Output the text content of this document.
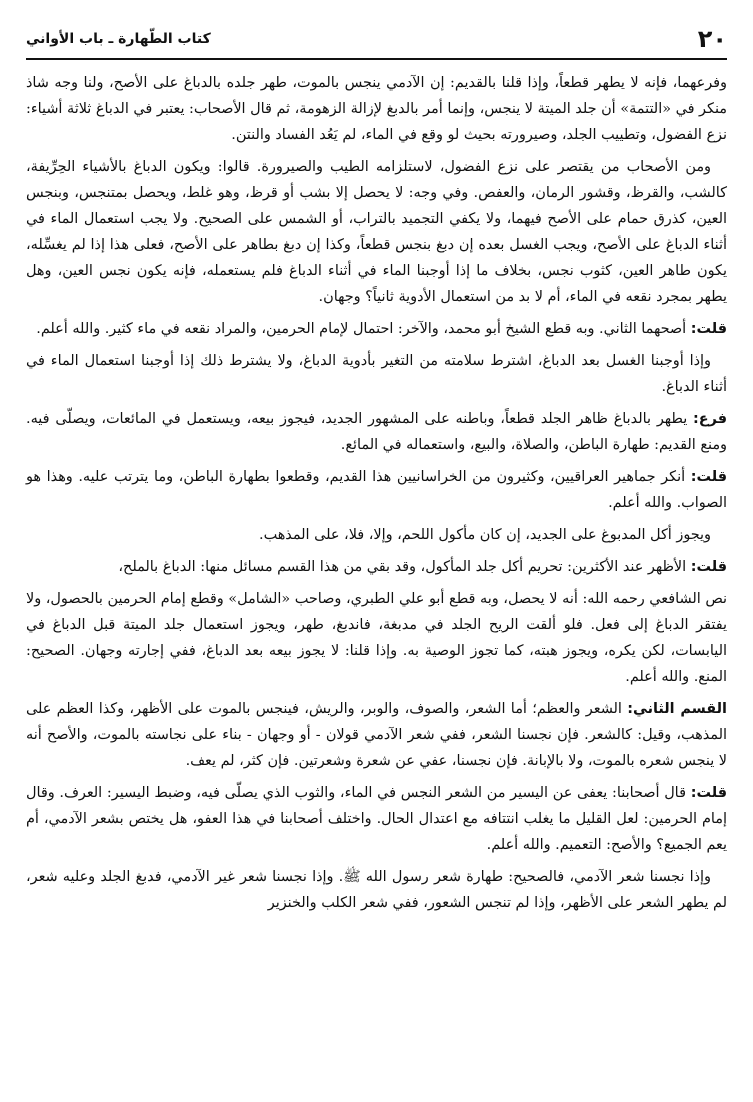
٢٠
كتاب الطّهارة ـ باب الأواني

وفرعهما، فإنه لا يطهر قطعاً، وإذا قلنا بالقديم: إن الآدمي ينجس بالموت، طهر جلده بالدباغ على الأصح، ولنا وجه شاذ منكر في «التتمة» أن جلد الميتة لا ينجس، وإنما أمر بالدبغ لإزالة الزهومة، ثم قال الأصحاب: يعتبر في الدباغ ثلاثة أشياء: نزع الفضول، وتطييب الجلد، وصيرورته بحيث لو وقع في الماء، لم يَعُد الفساد والنتن.

ومن الأصحاب من يقتصر على نزع الفضول، لاستلزامه الطيب والصيرورة. قالوا: ويكون الدباغ بالأشياء الحِرِّيفة، كالشب، والقرظ، وقشور الرمان، والعفص. وفي وجه: لا يحصل إلا بشب أو قرظ، وهو غلط، ويحصل بمتنجس، وبنجس العين، كذرق حمام على الأصح فيهما، ولا يكفي التجميد بالتراب، أو الشمس على الصحيح. ولا يجب استعمال الماء في أثناء الدباغ على الأصح، ويجب الغسل بعده إن دبغ بنجس قطعاً، وكذا إن دبغ بطاهر على الأصح، فعلى هذا إذا لم يغسِّله، يكون طاهر العين، كثوب نجس، بخلاف ما إذا أوجبنا الماء في أثناء الدباغ فلم يستعمله، فإنه يكون نجس العين، وهل يطهر بمجرد نقعه في الماء، أم لا بد من استعمال الأدوية ثانياً؟ وجهان.

قلت: أصحهما الثاني. وبه قطع الشيخ أبو محمد، والآخر: احتمال لإمام الحرمين، والمراد نقعه في ماء كثير. والله أعلم.

وإذا أوجبنا الغسل بعد الدباغ، اشترط سلامته من التغير بأدوية الدباغ، ولا يشترط ذلك إذا أوجبنا استعمال الماء في أثناء الدباغ.

فرع: يطهر بالدباغ ظاهر الجلد قطعاً، وباطنه على المشهور الجديد، فيجوز بيعه، ويستعمل في المائعات، ويصلّى فيه. ومنع القديم: طهارة الباطن، والصلاة، والبيع، واستعماله في المائع.

قلت: أنكر جماهير العراقيين، وكثيرون من الخراسانيين هذا القديم، وقطعوا بطهارة الباطن، وما يترتب عليه. وهذا هو الصواب. والله أعلم.

ويجوز أكل المدبوغ على الجديد، إن كان مأكول اللحم، وإلا، فلا، على المذهب.

قلت: الأظهر عند الأكثرين: تحريم أكل جلد المأكول، وقد بقي من هذا القسم مسائل منها: الدباغ بالملح،

نص الشافعي رحمه الله: أنه لا يحصل، وبه قطع أبو علي الطبري، وصاحب «الشامل» وقطع إمام الحرمين بالحصول، ولا يفتقر الدباغ إلى فعل. فلو ألقت الريح الجلد في مدبغة، فاندبغ، طهر، ويجوز استعمال جلد الميتة قبل الدباغ في اليابسات، لكن يكره، ويجوز هبته، كما تجوز الوصية به. وإذا قلنا: لا يجوز بيعه بعد الدباغ، ففي إجارته وجهان. الصحيح: المنع. والله أعلم.

القسم الثاني: الشعر والعظم؛ أما الشعر، والصوف، والوبر، والريش، فينجس بالموت على الأظهر، وكذا العظم على المذهب، وقيل: كالشعر. فإن نجسنا الشعر، ففي شعر الآدمي قولان - أو وجهان - بناء على نجاسته بالموت، والأصح أنه لا ينجس شعره بالموت، ولا بالإبانة. فإن نجسنا، عفي عن شعرة وشعرتين. فإن كثر، لم يعف.

قلت: قال أصحابنا: يعفى عن اليسير من الشعر النجس في الماء، والثوب الذي يصلّى فيه، وضبط اليسير: العرف. وقال إمام الحرمين: لعل القليل ما يغلب انتتافه مع اعتدال الحال. واختلف أصحابنا في هذا العفو، هل يختص بشعر الآدمي، أم يعم الجميع؟ والأصح: التعميم. والله أعلم.

وإذا نجسنا شعر الآدمي، فالصحيح: طهارة شعر رسول الله ﷺ. وإذا نجسنا شعر غير الآدمي، فدبغ الجلد وعليه شعر، لم يطهر الشعر على الأظهر، وإذا لم تنجس الشعور، ففي شعر الكلب والخنزير
